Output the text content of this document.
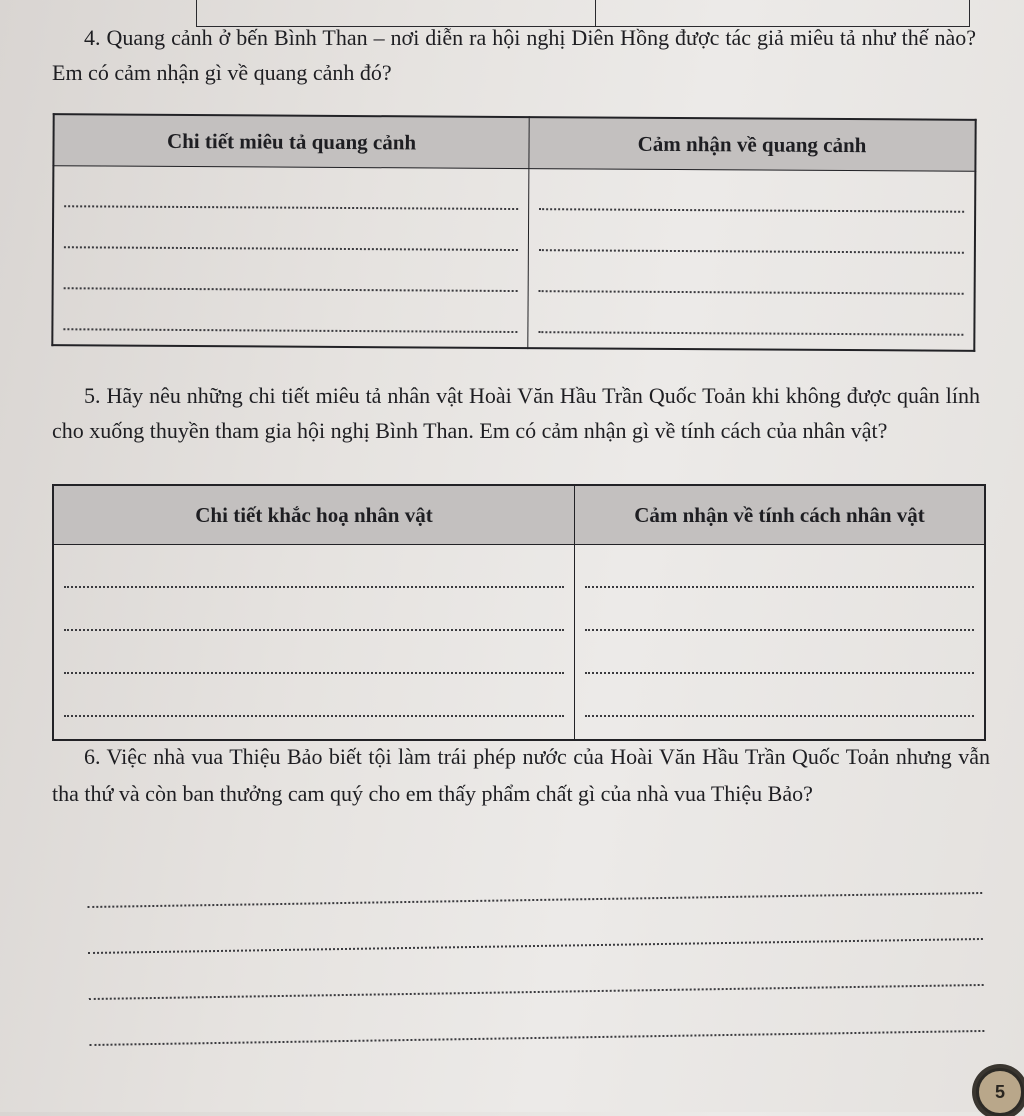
4. Quang cảnh ở bến Bình Than – nơi diễn ra hội nghị Diên Hồng được tác giả miêu tả như thế nào? Em có cảm nhận gì về quang cảnh đó?

Chi tiết miêu tả quang cảnh	Cảm nhận về quang cảnh

5. Hãy nêu những chi tiết miêu tả nhân vật Hoài Văn Hầu Trần Quốc Toản khi không được quân lính cho xuống thuyền tham gia hội nghị Bình Than. Em có cảm nhận gì về tính cách của nhân vật?

Chi tiết khắc hoạ nhân vật	Cảm nhận về tính cách nhân vật

6. Việc nhà vua Thiệu Bảo biết tội làm trái phép nước của Hoài Văn Hầu Trần Quốc Toản nhưng vẫn tha thứ và còn ban thưởng cam quý cho em thấy phẩm chất gì của nhà vua Thiệu Bảo?

5
